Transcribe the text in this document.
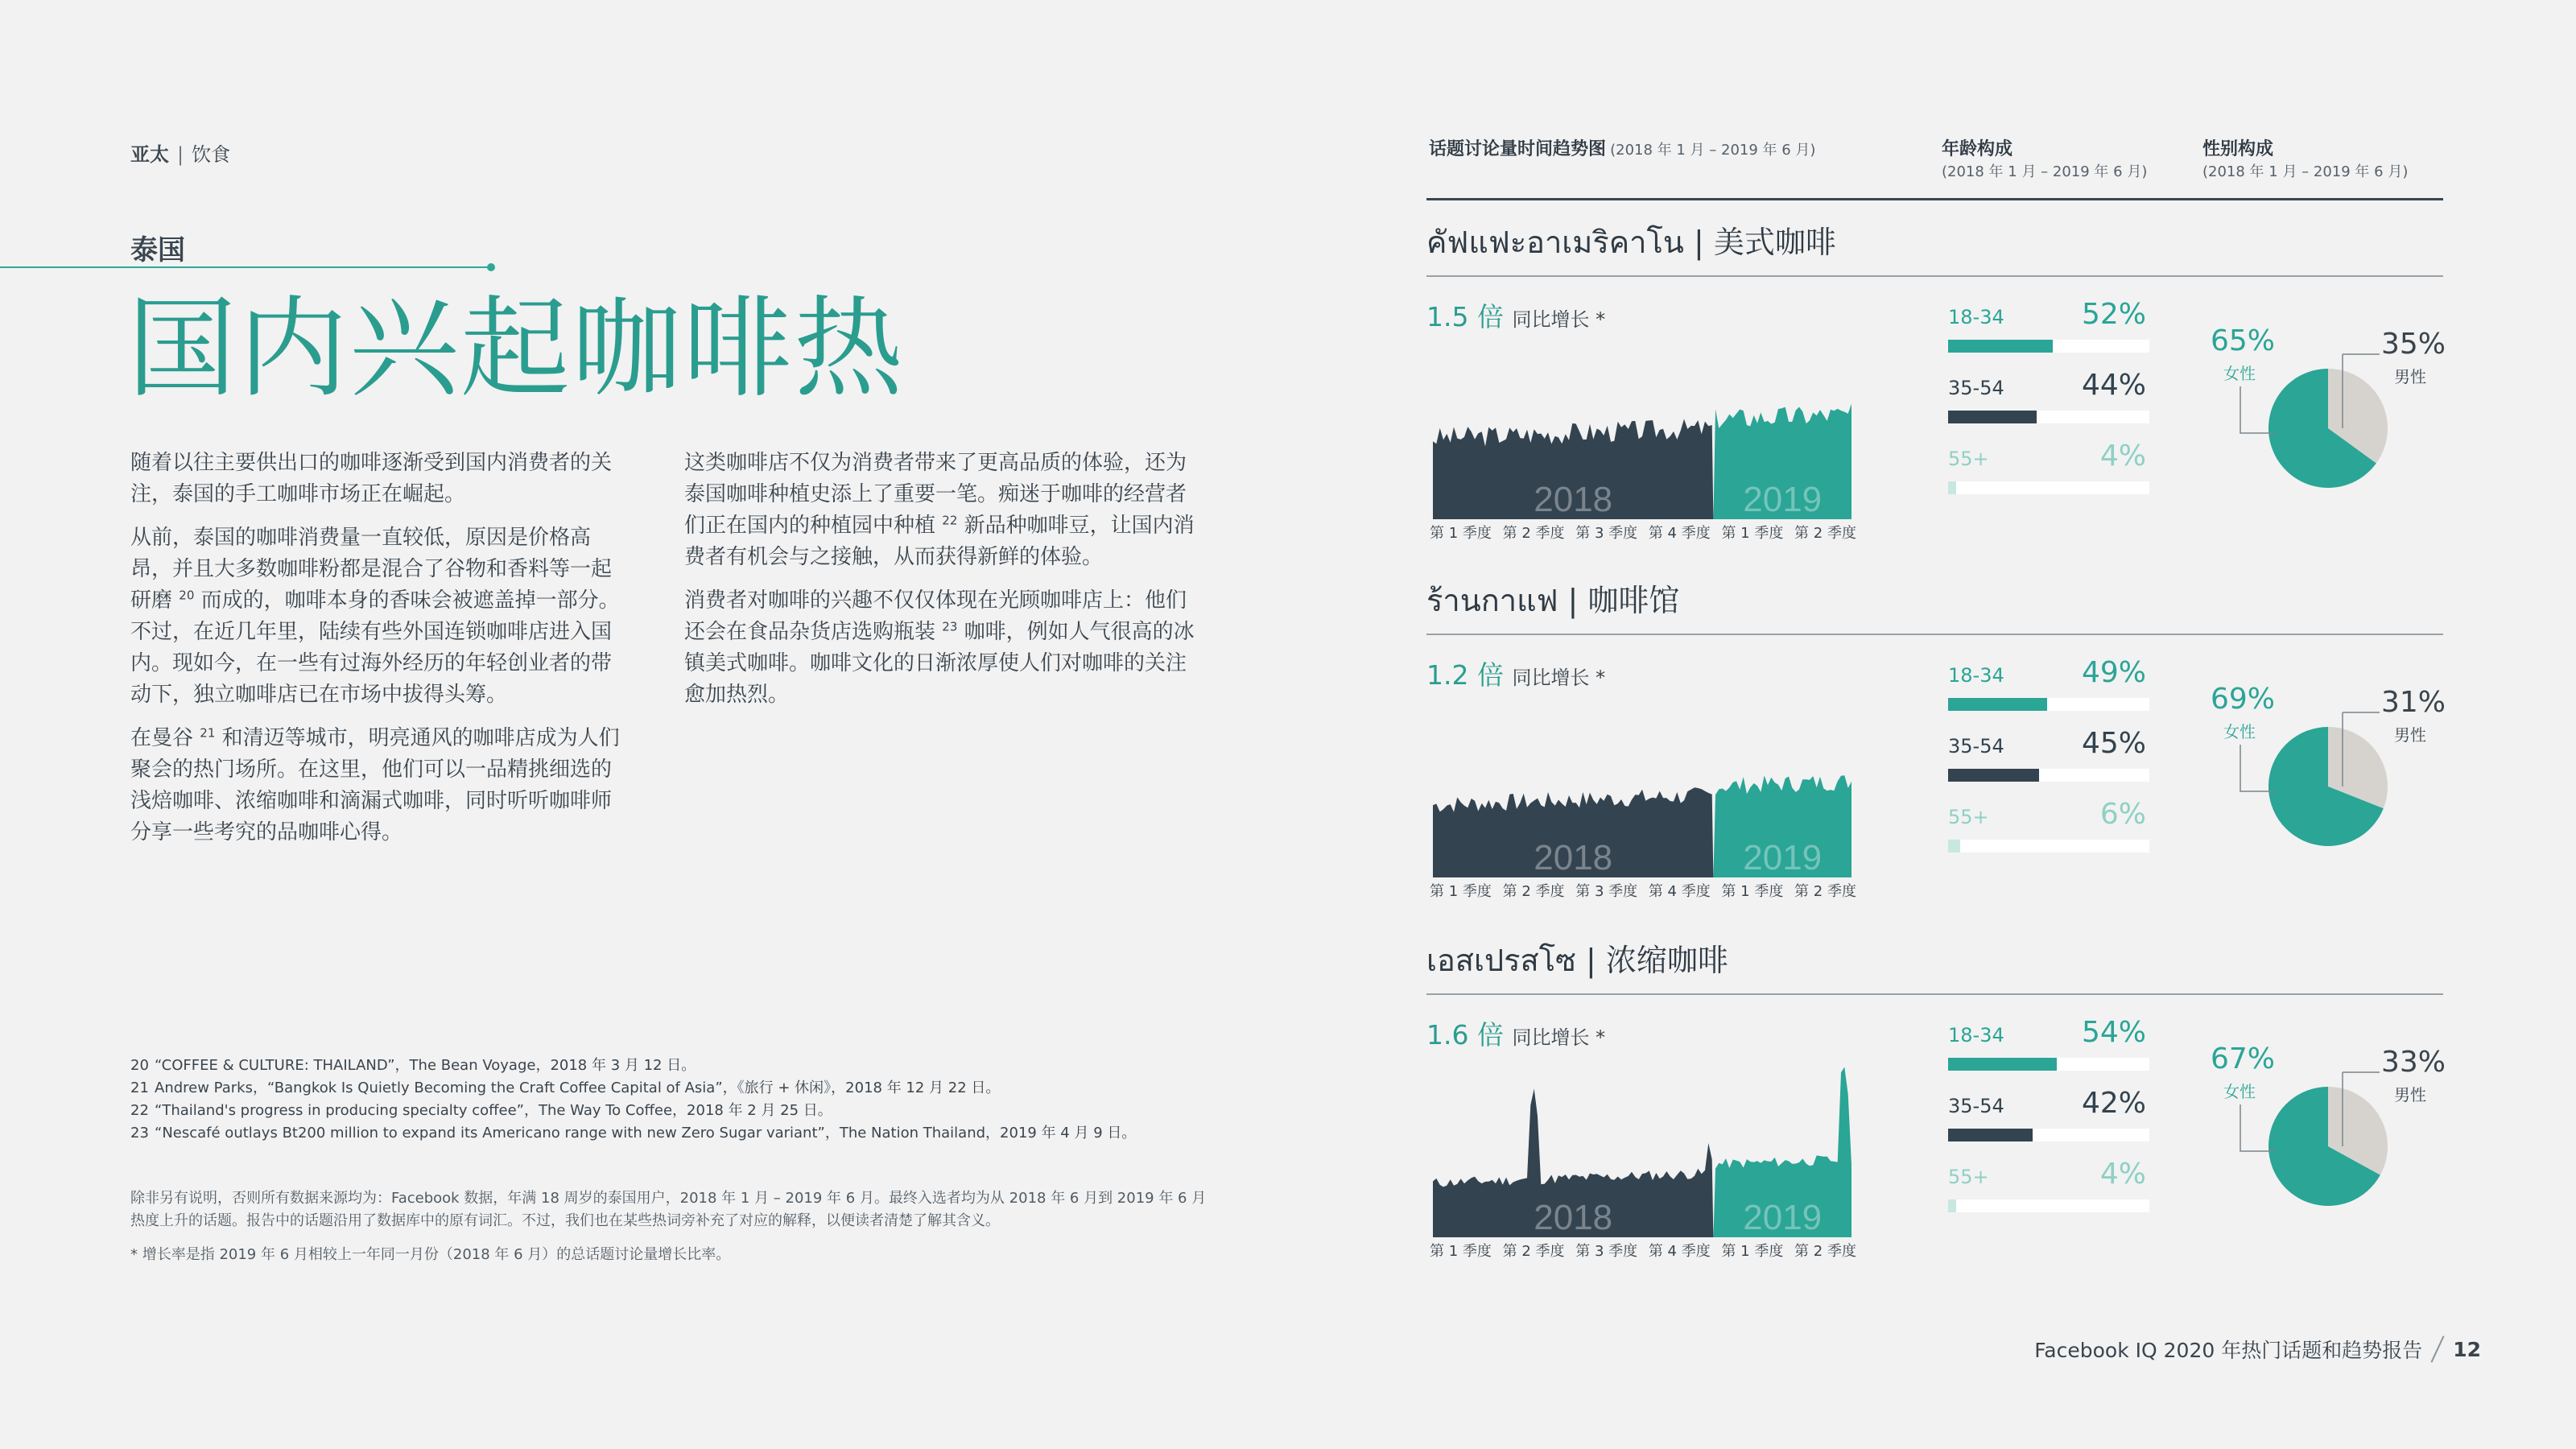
亚太 | 饮食
泰国
国内兴起咖啡热

随着以往主要供出口的咖啡逐渐受到国内消费者的关注，泰国的手工咖啡市场正在崛起。

从前，泰国的咖啡消费量一直较低，原因是价格高昂，并且大多数咖啡粉都是混合了谷物和香料等一起研磨 $^{20}$ 而成的，咖啡本身的香味会被遮盖掉一部分。不过，在近几年里，陆续有些外国连锁咖啡店进入国内。现如今，在一些有过海外经历的年轻创业者的带动下，独立咖啡店已在市场中拔得头筹。

在曼谷 $^{21}$ 和清迈等城市，明亮通风的咖啡店成为人们聚会的热门场所。在这里，他们可以一品精挑细选的浅焙咖啡、浓缩咖啡和滴漏式咖啡，同时听听咖啡师分享一些考究的品咖啡心得。

这类咖啡店不仅为消费者带来了更高品质的体验，还为泰国咖啡种植史添上了重要一笔。痴迷于咖啡的经营者们正在国内的种植园中种植 $^{22}$ 新品种咖啡豆，让国内消费者有机会与之接触，从而获得新鲜的体验。

消费者对咖啡的兴趣不仅仅体现在光顾咖啡店上：他们还会在食品杂货店选购瓶装 $^{23}$ 咖啡，例如人气很高的冰镇美式咖啡。咖啡文化的日渐浓厚使人们对咖啡的关注愈加热烈。

20 “COFFEE & CULTURE: THAILAND”，The Bean Voyage，2018 年 3 月 12 日。
21 Andrew Parks，“Bangkok Is Quietly Becoming the Craft Coffee Capital of Asia”，《旅行 + 休闲》，2018 年 12 月 22 日。
22 “Thailand's progress in producing specialty coffee”，The Way To Coffee，2018 年 2 月 25 日。
23 “Nescafé outlays Bt200 million to expand its Americano range with new Zero Sugar variant”，The Nation Thailand，2019 年 4 月 9 日。

除非另有说明，否则所有数据来源均为：Facebook 数据，年满 18 周岁的泰国用户，2018 年 1 月 – 2019 年 6 月。最终入选者均为从 2018 年 6 月到 2019 年 6 月热度上升的话题。报告中的话题沿用了数据库中的原有词汇。不过，我们也在某些热词旁补充了对应的解释，以便读者清楚了解其含义。

* 增长率是指 2019 年 6 月相较上一年同一月份（2018 年 6 月）的总话题讨论量增长比率。

话题讨论量时间趋势图 (2018 年 1 月 – 2019 年 6 月)	年龄构成
(2018 年 1 月 – 2019 年 6 月)
性别构成
(2018 年 1 月 – 2019 年 6 月)
คัฟแฟะอาเมริคาโน | 美式咖啡
1.5 倍 同比增长 *
2018	2019
第 1 季度 第 2 季度 第 3 季度 第 4 季度 第 1 季度 第 2 季度
18-34	52%
35-54	44%
55+	4%
65%
女性
35%
男性
ร้านกาแฟ | 咖啡馆
1.2 倍 同比增长 *
2018	2019
第 1 季度 第 2 季度 第 3 季度 第 4 季度 第 1 季度 第 2 季度
18-34	49%
35-54	45%
55+	6%
69%
女性
31%
男性
เอสเปรสโซ | 浓缩咖啡
1.6 倍 同比增长 *
2018	2019
第 1 季度 第 2 季度 第 3 季度 第 4 季度 第 1 季度 第 2 季度
18-34	54%
35-54	42%
55+	4%
67%
女性
33%
男性
Facebook IQ 2020 年热门话题和趋势报告 12
